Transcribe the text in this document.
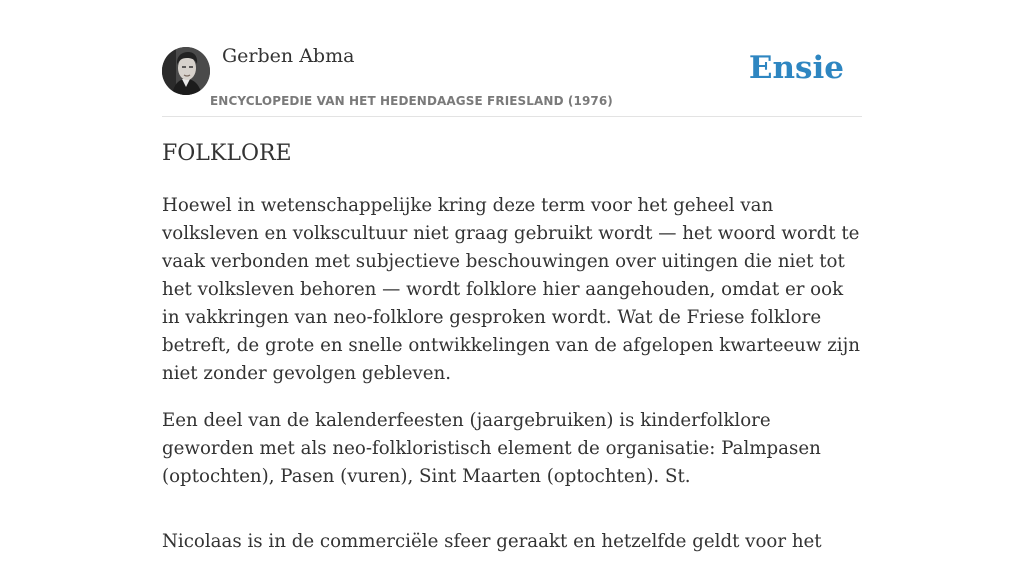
Gerben Abma
ENCYCLOPEDIE VAN HET HEDENDAAGSE FRIESLAND (1976)
Ensie
FOLKLORE

Hoewel in wetenschappelijke kring deze term voor het geheel van volksleven en volkscultuur niet graag gebruikt wordt — het woord wordt te vaak verbonden met subjectieve beschouwingen over uitingen die niet tot het volksleven behoren — wordt folklore hier aangehouden, omdat er ook in vakkringen van neo-folklore gesproken wordt. Wat de Friese folklore betreft, de grote en snelle ontwikkelingen van de afgelopen kwarteeuw zijn niet zonder gevolgen gebleven.

Een deel van de kalenderfeesten (jaargebruiken) is kinderfolklore geworden met als neo-folkloristisch element de organisatie: Palmpasen (optochten), Pasen (vuren), Sint Maarten (optochten). St.

Nicolaas is in de commerciële sfeer geraakt en hetzelfde geldt voor het
